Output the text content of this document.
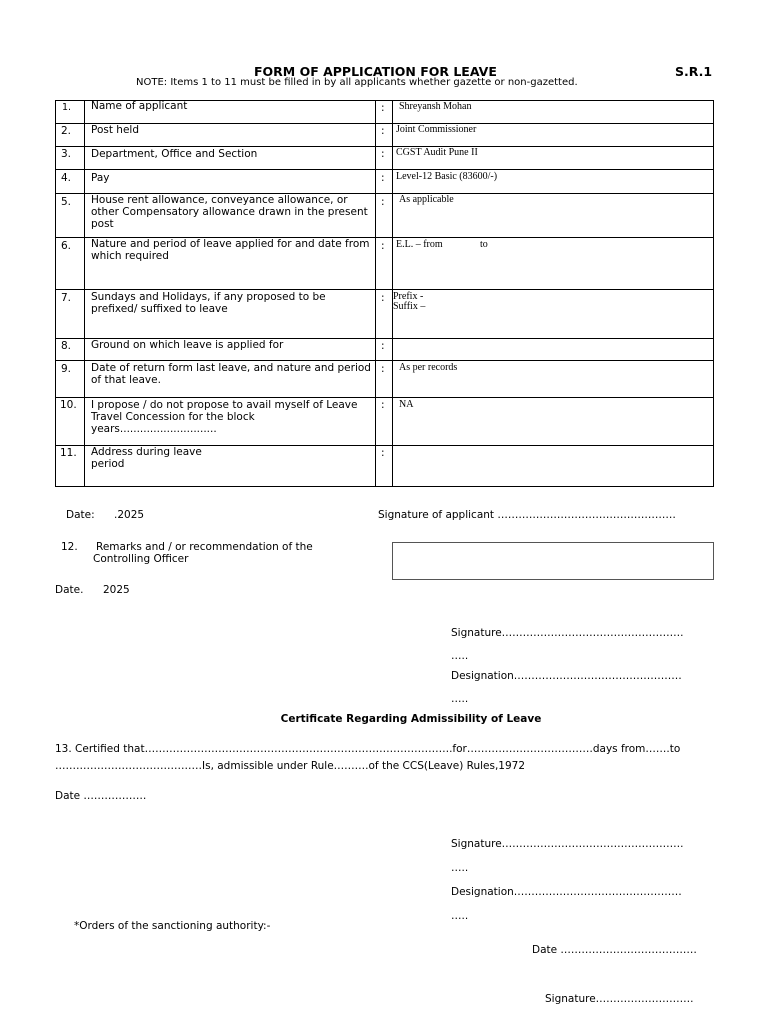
FORM OF APPLICATION FOR LEAVE	S.R.1
NOTE: Items 1 to 11 must be filled in by all applicants whether gazette or non-gazetted.
1. Name of applicant	: Shreyansh Mohan
2. Post held	: Joint Commissioner
3. Department, Office and Section	: CGST Audit Pune II
4. Pay	: Level-12 Basic (83600/-)
5. House rent allowance, conveyance allowance, or other Compensatory allowance drawn in the present post
: As applicable
6. Nature and period of leave applied for and date from which required
: E.L. – from	to
7. Sundays and Holidays, if any proposed to be prefixed/ suffixed to leave
: Prefix -
Suffix –
8. Ground on which leave is applied for	:
9. Date of return form last leave, and nature and period of that leave.
: As per records
10. I propose / do not propose to avail myself of Leave Travel Concession for the block years.............................
: NA
11. Address during leave period
:
Date: .2025	Signature of applicant ……………………………………………
12. Remarks and / or recommendation of the Controlling Officer
Date. 2025
Signature…………………………………………….
…..
Designation…………………………………………
…..
Certificate Regarding Admissibility of Leave
13. Certified that…………………………………………………………………………….for………………………………days from…….to
……………………………………Is, admissible under Rule……….of the CCS(Leave) Rules,1972
Date ………………
Signature…………………………………………….
…..
Designation…………………………………………
…..
*Orders of the sanctioning authority:-
Date …………………………………
Signature……………………….
